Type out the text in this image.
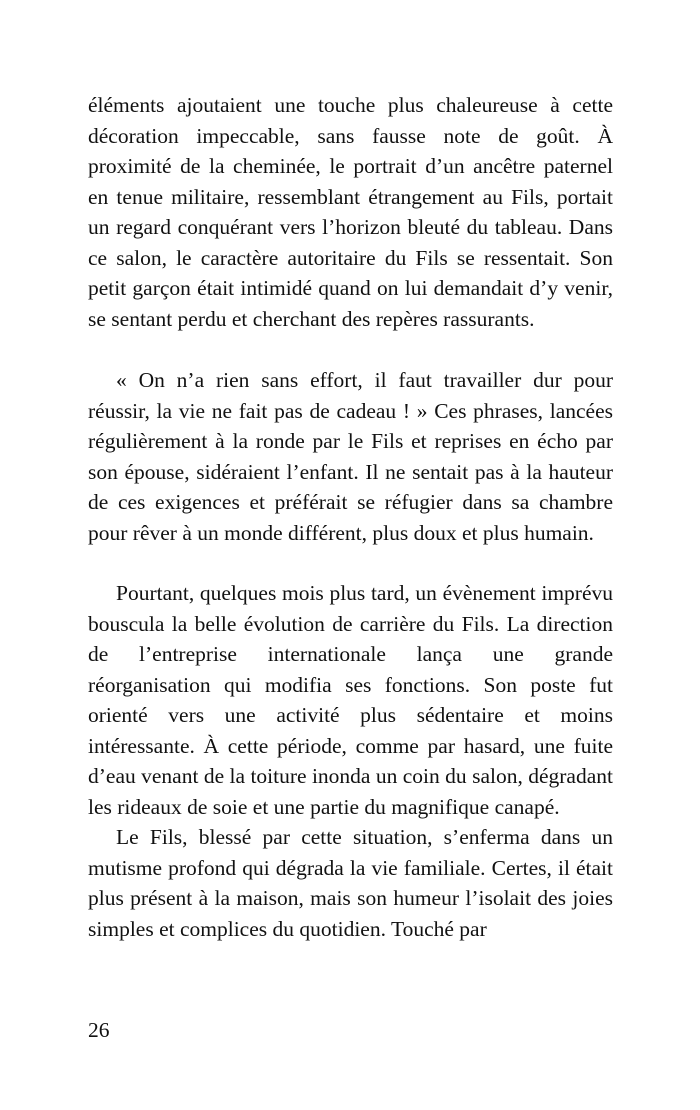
éléments ajoutaient une touche plus chaleureuse à cette décoration impeccable, sans fausse note de goût. À proximité de la cheminée, le portrait d’un ancêtre paternel en tenue militaire, ressemblant étrangement au Fils, portait un regard conquérant vers l’horizon bleuté du tableau. Dans ce salon, le caractère autoritaire du Fils se ressentait. Son petit garçon était intimidé quand on lui demandait d’y venir, se sentant perdu et cherchant des repères rassurants.

« On n’a rien sans effort, il faut travailler dur pour réussir, la vie ne fait pas de cadeau ! » Ces phrases, lancées régulièrement à la ronde par le Fils et reprises en écho par son épouse, sidéraient l’enfant. Il ne sentait pas à la hauteur de ces exigences et préférait se réfugier dans sa chambre pour rêver à un monde différent, plus doux et plus humain.

Pourtant, quelques mois plus tard, un évènement imprévu bouscula la belle évolution de carrière du Fils. La direction de l’entreprise internationale lança une grande réorganisation qui modifia ses fonctions. Son poste fut orienté vers une activité plus sédentaire et moins intéressante. À cette période, comme par hasard, une fuite d’eau venant de la toiture inonda un coin du salon, dégradant les rideaux de soie et une partie du magnifique canapé.

Le Fils, blessé par cette situation, s’enferma dans un mutisme profond qui dégrada la vie familiale. Certes, il était plus présent à la maison, mais son humeur l’isolait des joies simples et complices du quotidien. Touché par

26
